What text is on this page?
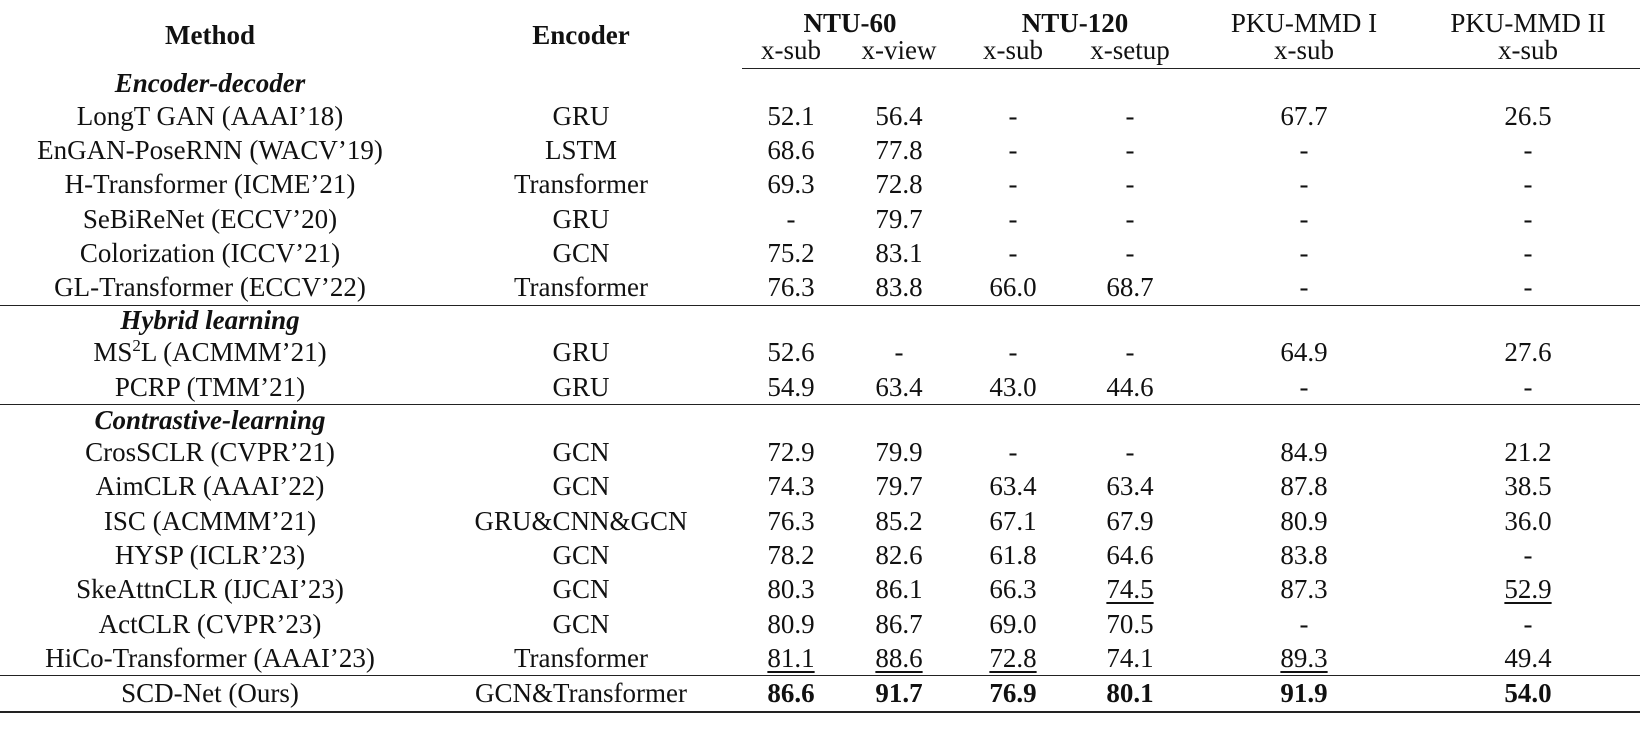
Method	Encoder	NTU-60		NTU-120		PKU-MMD I	PKU-MMD II
		x-sub	x-view	x-sub	x-setup	x-sub	x-sub
Encoder-decoder							
LongT GAN (AAAI’18)	GRU	52.1	56.4	-	-	67.7	26.5
EnGAN-PoseRNN (WACV’19)	LSTM	68.6	77.8	-	-	-	-
H-Transformer (ICME’21)	Transformer	69.3	72.8	-	-	-	-
SeBiReNet (ECCV’20)	GRU	-	79.7	-	-	-	-
Colorization (ICCV’21)	GCN	75.2	83.1	-	-	-	-
GL-Transformer (ECCV’22)	Transformer	76.3	83.8	66.0	68.7	-	-
Hybrid learning							
$MS^2L$ (ACMMM’21)	GRU	52.6	-	-	-	64.9	27.6
PCRP (TMM’21)	GRU	54.9	63.4	43.0	44.6	-	-
Contrastive-learning							
CrosSCLR (CVPR’21)	GCN	72.9	79.9	-	-	84.9	21.2
AimCLR (AAAI’22)	GCN	74.3	79.7	63.4	63.4	87.8	38.5
ISC (ACMMM’21)	GRU&CNN&GCN	76.3	85.2	67.1	67.9	80.9	36.0
HYSP (ICLR’23)	GCN	78.2	82.6	61.8	64.6	83.8	-
SkeAttnCLR (IJCAI’23)	GCN	80.3	86.1	66.3	74.5	87.3	52.9
ActCLR (CVPR’23)	GCN	80.9	86.7	69.0	70.5	-	-
HiCo-Transformer (AAAI’23)	Transformer	81.1	88.6	72.8	74.1	89.3	49.4
SCD-Net (Ours)	GCN&Transformer	86.6	91.7	76.9	80.1	91.9	54.0
